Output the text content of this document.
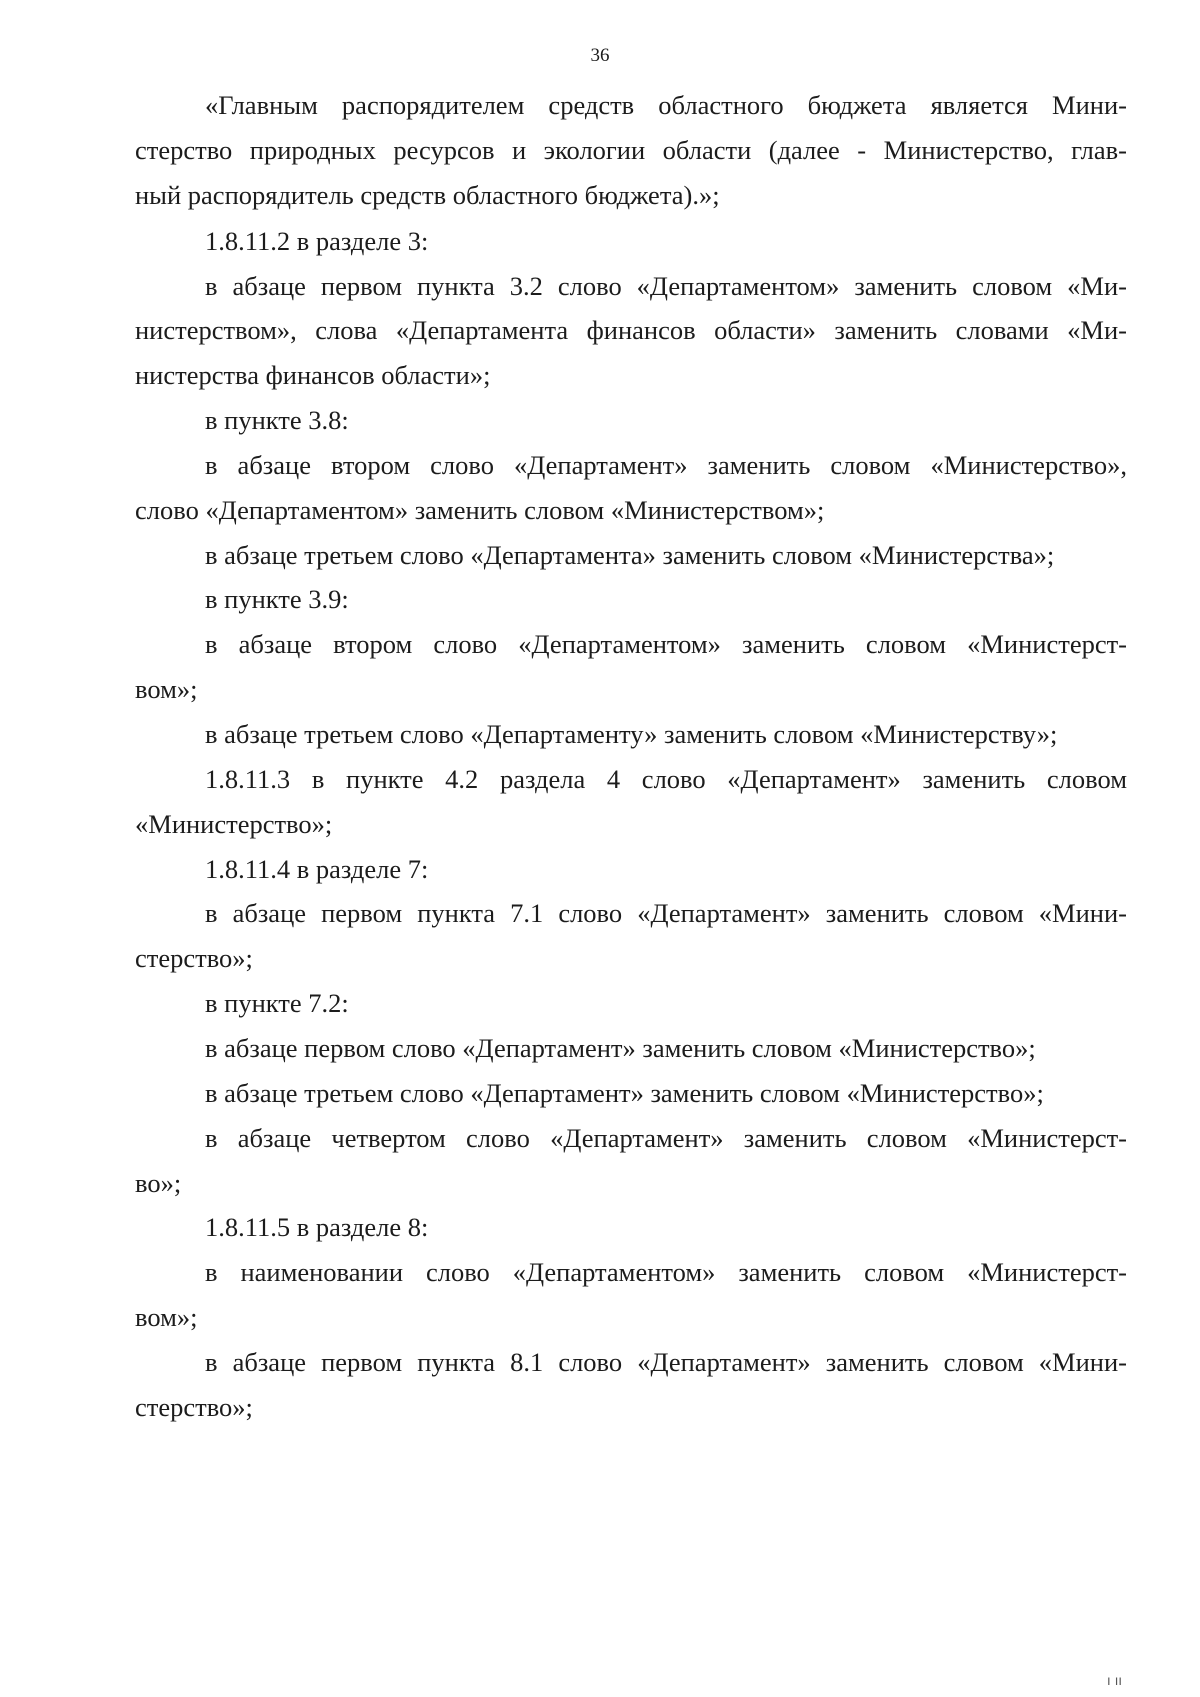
36
«Главным распорядителем средств областного бюджета является Мини-
стерство природных ресурсов и экологии области (далее - Министерство, глав-
ный распорядитель средств областного бюджета).»;
1.8.11.2 в разделе 3:
в абзаце первом пункта 3.2 слово «Департаментом» заменить словом «Ми-
нистерством», слова «Департамента финансов области» заменить словами «Ми-
нистерства финансов области»;
в пункте 3.8:
в абзаце втором слово «Департамент» заменить словом «Министерство»,
слово «Департаментом» заменить словом «Министерством»;
в абзаце третьем слово «Департамента» заменить словом «Министерства»;
в пункте 3.9:
в абзаце втором слово «Департаментом» заменить словом «Министерст-
вом»;
в абзаце третьем слово «Департаменту» заменить словом «Министерству»;
1.8.11.3 в пункте 4.2 раздела 4 слово «Департамент» заменить словом
«Министерство»;
1.8.11.4 в разделе 7:
в абзаце первом пункта 7.1 слово «Департамент» заменить словом «Мини-
стерство»;
в пункте 7.2:
в абзаце первом слово «Департамент» заменить словом «Министерство»;
в абзаце третьем слово «Департамент» заменить словом «Министерство»;
в абзаце четвертом слово «Департамент» заменить словом «Министерст-
во»;
1.8.11.5 в разделе 8:
в наименовании слово «Департаментом» заменить словом «Министерст-
вом»;
в абзаце первом пункта 8.1 слово «Департамент» заменить словом «Мини-
стерство»;
ı ıı
